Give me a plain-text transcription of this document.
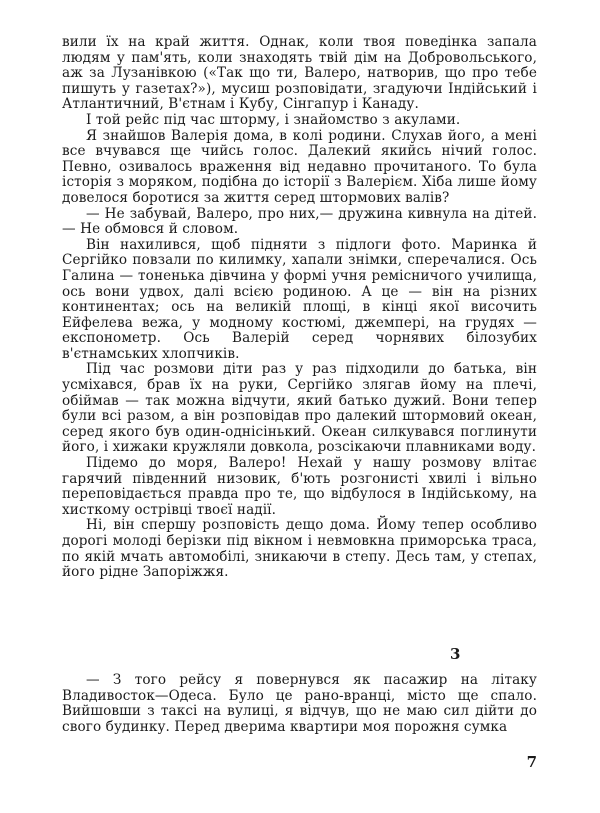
вили їх на край життя. Однак, коли твоя поведінка запала людям у пам'ять, коли знаходять твій дім на Добровольського, аж за Лузанівкою («Так що ти, Валеро, натворив, що про тебе пишуть у газетах?»), мусиш розповідати, згадуючи Індійський і Атлантичний, В'єтнам і Кубу, Сінгапур і Канаду.

І той рейс під час шторму, і знайомство з акулами.

Я знайшов Валерія дома, в колі родини. Слухав його, а мені все вчувався ще чийсь голос. Далекий якийсь нічий голос. Певно, озивалось враження від недавно прочитаного. То була історія з моряком, подібна до історії з Валерієм. Хіба лише йому довелося боротися за життя серед штормових валів?

— Не забувай, Валеро, про них,— дружина кивнула на дітей.— Не обмовся й словом.

Він нахилився, щоб підняти з підлоги фото. Маринка й Сергійко повзали по килимку, хапали знімки, сперечалися. Ось Галина — тоненька дівчина у формі учня ремісничого училища, ось вони удвох, далі всією родиною. А це — він на різних континентах; ось на великій площі, в кінці якої височить Ейфелева вежа, у модному костюмі, джемпері, на грудях — експонометр. Ось Валерій серед чорнявих білозубих в'єтнамських хлопчиків.

Під час розмови діти раз у раз підходили до батька, він усміхався, брав їх на руки, Сергійко злягав йому на плечі, обіймав — так можна відчути, який батько дужий. Вони тепер були всі разом, а він розповідав про далекий штормовий океан, серед якого був один-однісінький. Океан силкувався поглинути його, і хижаки кружляли довкола, розсікаючи плавниками воду.

Підемо до моря, Валеро! Нехай у нашу розмову влітає гарячий південний низовик, б'ють розгонисті хвилі і вільно переповідається правда про те, що відбулося в Індійському, на хисткому острівці твоєї надії.

Ні, він спершу розповість дещо дома. Йому тепер особливо дорогі молоді берізки під вікном і невмовкна приморська траса, по якій мчать автомобілі, зникаючи в степу. Десь там, у степах, його рідне Запоріжжя.

3

— З того рейсу я повернувся як пасажир на літаку Владивосток—Одеса. Було це рано-вранці, місто ще спало. Вийшовши з таксі на вулиці, я відчув, що не маю сил дійти до свого будинку. Перед дверима квартири моя порожня сумка

7
